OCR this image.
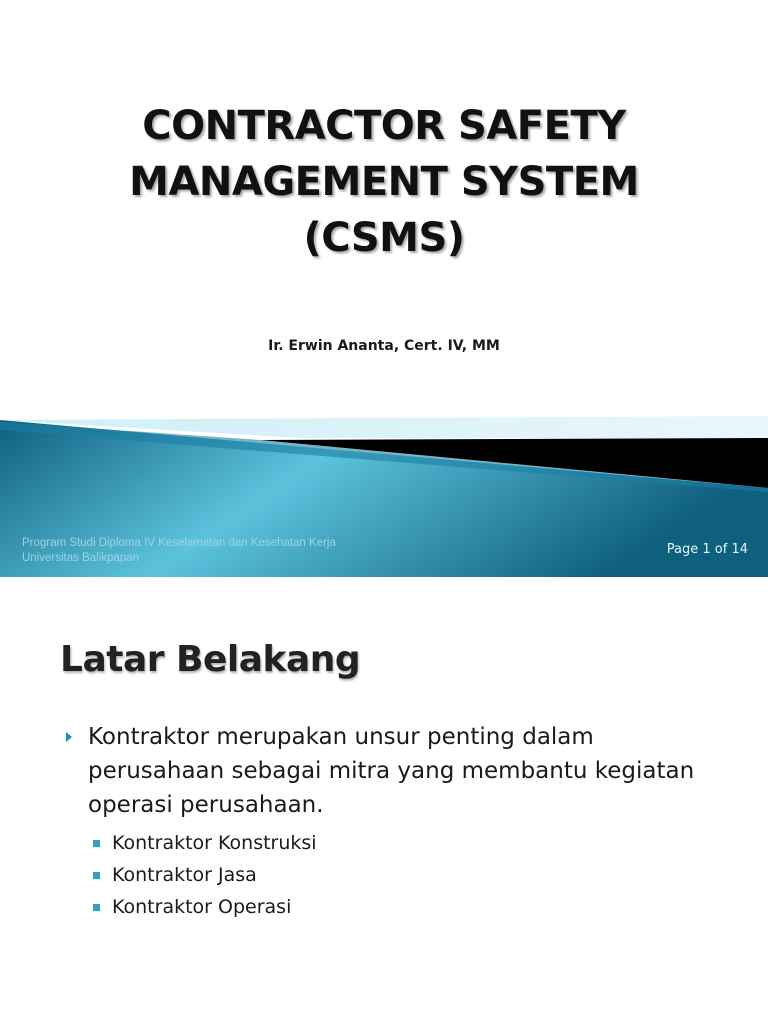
CONTRACTOR SAFETY
MANAGEMENT SYSTEM
(CSMS)
Ir. Erwin Ananta, Cert. IV, MM
Program Studi Diploma IV Keselamatan dan Kesehatan Kerja
Universitas Balikpapan
Page 1 of 14
Latar Belakang
Kontraktor merupakan unsur penting dalam perusahaan sebagai mitra yang membantu kegiatan operasi perusahaan.
Kontraktor Konstruksi
Kontraktor Jasa
Kontraktor Operasi
